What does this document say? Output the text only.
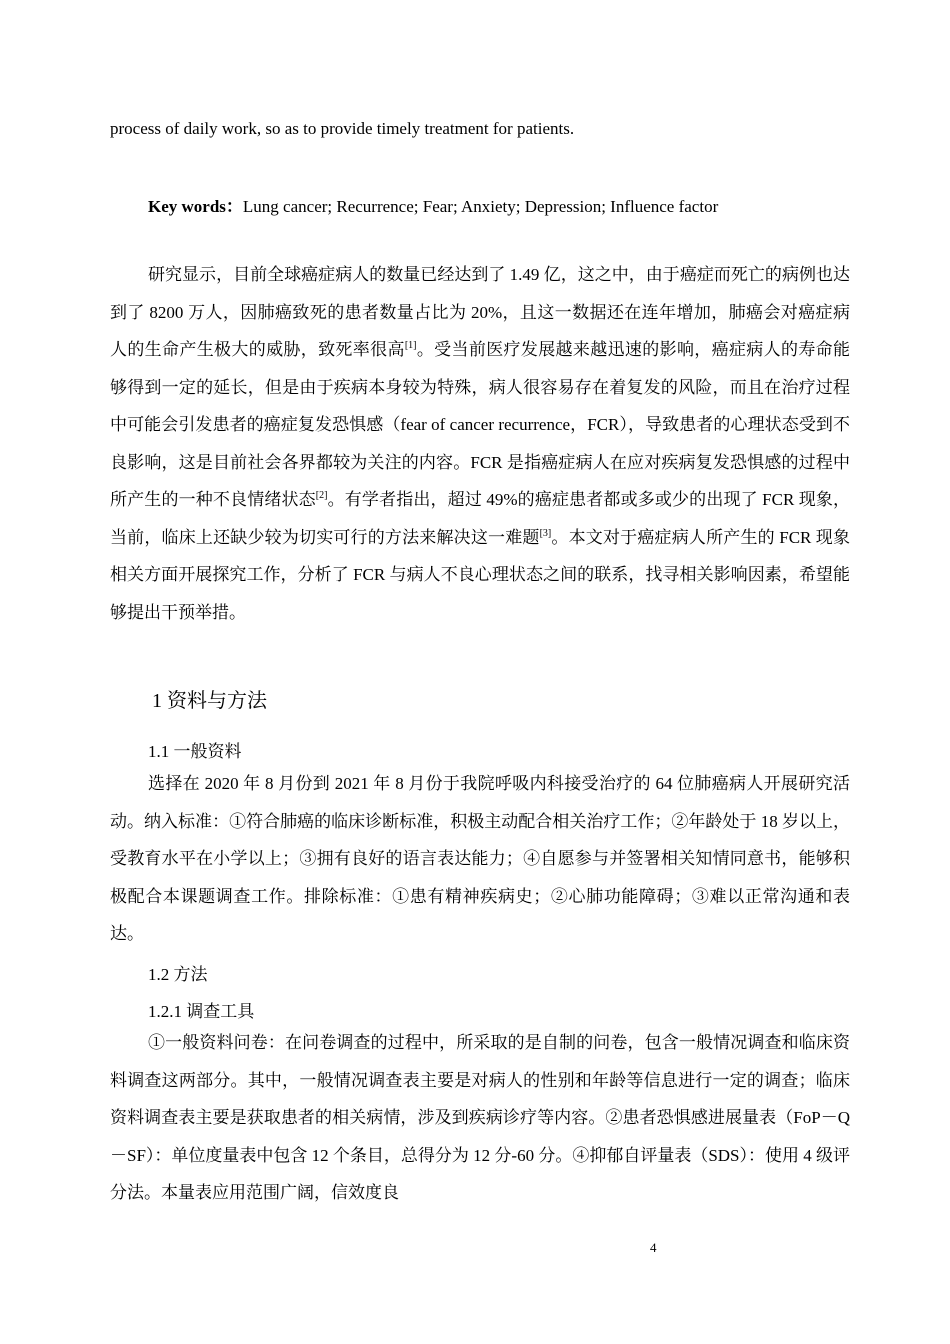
process of daily work, so as to provide timely treatment for patients.
Key words：Lung cancer; Recurrence; Fear; Anxiety; Depression; Influence factor
研究显示，目前全球癌症病人的数量已经达到了 1.49 亿，这之中，由于癌症而死亡的病例也达到了 8200 万人，因肺癌致死的患者数量占比为 20%，且这一数据还在连年增加，肺癌会对癌症病人的生命产生极大的威胁，致死率很高[1]。受当前医疗发展越来越迅速的影响，癌症病人的寿命能够得到一定的延长，但是由于疾病本身较为特殊，病人很容易存在着复发的风险，而且在治疗过程中可能会引发患者的癌症复发恐惧感（fear of cancer recurrence，FCR），导致患者的心理状态受到不良影响，这是目前社会各界都较为关注的内容。FCR 是指癌症病人在应对疾病复发恐惧感的过程中所产生的一种不良情绪状态[2]。有学者指出，超过 49%的癌症患者都或多或少的出现了 FCR 现象，当前，临床上还缺少较为切实可行的方法来解决这一难题[3]。本文对于癌症病人所产生的 FCR 现象相关方面开展探究工作，分析了 FCR 与病人不良心理状态之间的联系，找寻相关影响因素，希望能够提出干预举措。
1 资料与方法
1.1 一般资料
选择在 2020 年 8 月份到 2021 年 8 月份于我院呼吸内科接受治疗的 64 位肺癌病人开展研究活动。纳入标准：①符合肺癌的临床诊断标准，积极主动配合相关治疗工作；②年龄处于 18 岁以上，受教育水平在小学以上；③拥有良好的语言表达能力；④自愿参与并签署相关知情同意书，能够积极配合本课题调查工作。排除标准：①患有精神疾病史；②心肺功能障碍；③难以正常沟通和表达。
1.2 方法
1.2.1 调查工具
①一般资料问卷：在问卷调查的过程中，所采取的是自制的问卷，包含一般情况调查和临床资料调查这两部分。其中，一般情况调查表主要是对病人的性别和年龄等信息进行一定的调查；临床资料调查表主要是获取患者的相关病情，涉及到疾病诊疗等内容。②患者恐惧感进展量表（FoP－Q－SF）：单位度量表中包含 12 个条目，总得分为 12 分-60 分。④抑郁自评量表（SDS）：使用 4 级评分法。本量表应用范围广阔，信效度良
4
